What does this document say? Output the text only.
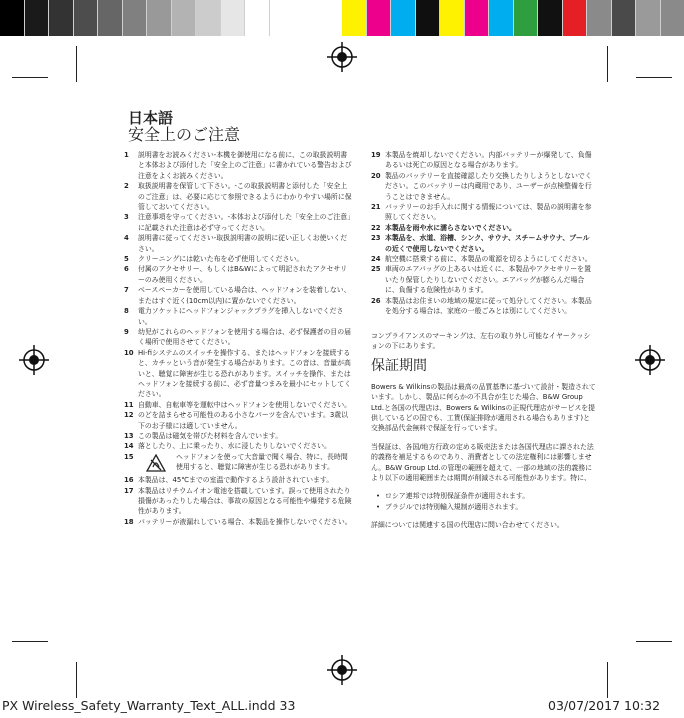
日本語
安全上のご注意
1	説明書をお読みください-本機を御使用になる前に、この取扱説明書と本体および添付した「安全上のご注意」に書かれている警告および注意をよくお読みください。
2	取扱説明書を保管して下さい。-この取扱説明書と添付した「安全上のご注意」は、必要に応じて参照できるようにわかりやすい場所に保管しておいてください。
3	注意事項を守ってください。-本体および添付した「安全上のご注意」に記載された注意は必ず守ってください。
4	説明書に従ってください-取扱説明書の説明に従い正しくお使いください。
5	クリーニングには乾いた布を必ず使用してください。
6	付属のアクセサリー、もしくはB&Wによって明記されたアクセサリーのみ使用ください。
7	ベースペーカーを使用している場合は、ヘッドフォンを装着しない、またはすぐ近く(10cm以内)に置かないでください。
8	電力ソケットにヘッドフォンジャックプラグを挿入しないでください。
9	幼児がこれらのヘッドフォンを使用する場合は、必ず保護者の目の届く場所で使用させてください。
10 Hi-fiシステムのスイッチを操作する、またはヘッドフォンを接続すると、カチッという音が発生する場合があります。この音は、音量が高いと、聴覚に障害が生じる恐れがあります。スイッチを操作、またはヘッドフォンを接続する前に、必ず音量つまみを最小にセットしてください。
11 自動車、自転車等を運転中はヘッドフォンを使用しないでください。
12 のどを詰まらせる可能性のある小さなパーツを含んでいます。3歳以下のお子様には適していません。
13 この製品は磁気を帯びた材料を含んでいます。
14 落としたり、上に乗ったり、水に浸したりしないでください。
15	ヘッドフォンを使って大音量で聞く場合、特に、長時間使用すると、聴覚に障害が生じる恐れがあります。
16 本製品は、45℃までの室温で動作するよう設計されています。
17 本製品はリチウムイオン電池を搭載しています。誤って使用されたり損傷があったりした場合は、事故の原因となる可能性や爆発する危険性があります。
18 バッテリーが液漏れしている場合、本製品を操作しないでください。
19 本製品を焼却しないでください。内部バッテリーが爆発して、負傷あるいは死亡の原因となる場合があります。
20 製品のバッテリーを直接確認したり交換したりしようとしないでください。このバッテリーは内蔵用であり、ユーザーが点検整備を行うことはできません。
21 バッテリーのお手入れに関する情報については、製品の説明書を参照してください。
22 本製品を雨や水に濡らさないでください。
23 本製品を、水道、浴槽、シンク、サウナ、スチームサウナ、プールの近くで使用しないでください。
24 航空機に搭乗する前に、本製品の電源を切るようにしてください。
25 車両のエアバッグの上あるいは近くに、本製品やアクセサリーを置いたり保管したりしないでください。エアバッグが膨らんだ場合に、負傷する危険性があります。
26 本製品はお住まいの地域の規定に従って処分してください。本製品を処分する場合は、家庭の一般ごみとは別にしてください。

コンプライアンスのマーキングは、左右の取り外し可能なイヤークッションの下にあります。

保証期間

Bowers & Wilkinsの製品は最高の品質基準に基づいて設計・製造されています。しかし、製品に何らかの不具合が生じた場合、B&W Group Ltd.と各国の代理店は、Bowers & Wilkinsの正規代理店がサービスを提供しているどの国でも、工賃(保証排除が適用される場合もあります)と交換部品代金無料で保証を行っています。

当保証は、各国/地方行政の定める販売法または各国代理店に課された法的義務を補足するものであり、消費者としての法定権利には影響しません。B&W Group Ltd.の管理の範囲を超えて、一部の地域の法的義務により以下の適用範囲または期間が削減される可能性があります。特に、

• ロシア連邦では特別保証条件が適用されます。
• ブラジルでは特別輸入規制が適用されます。

詳細については関連する国の代理店に問い合わせてください。

PX Wireless_Safety_Warranty_Text_ALL.indd 33	03/07/2017 10:32
